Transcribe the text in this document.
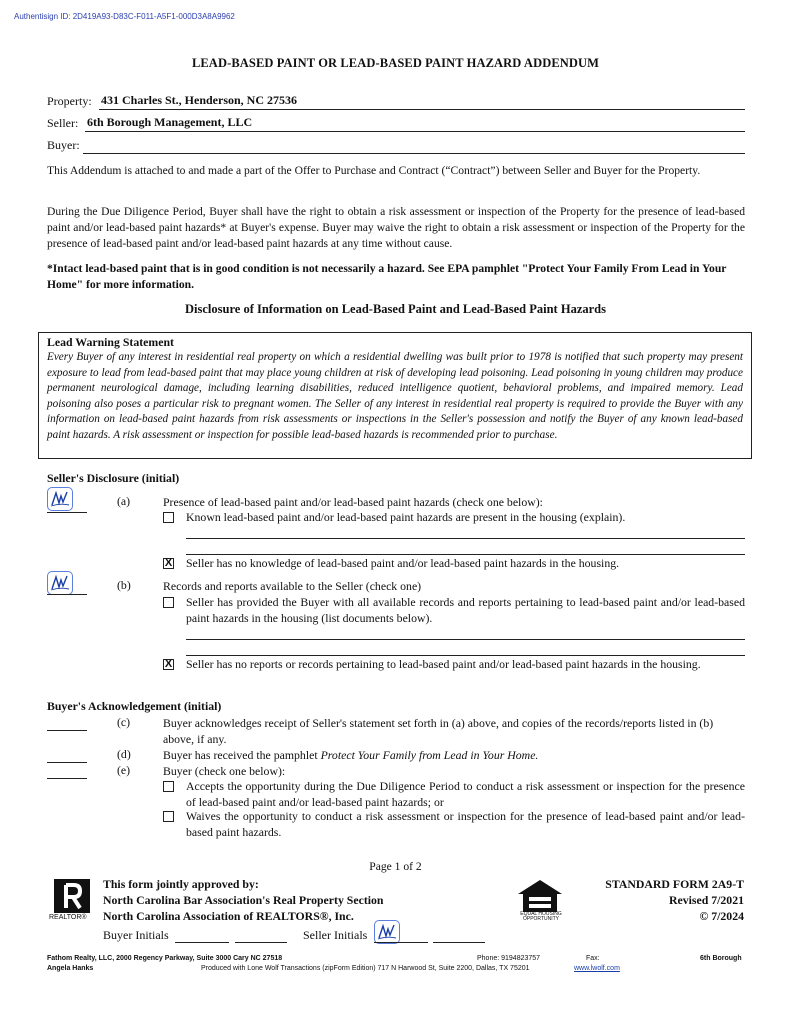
Authentisign ID: 2D419A93-D83C-F011-A5F1-000D3A8A9962
LEAD-BASED PAINT OR LEAD-BASED PAINT HAZARD ADDENDUM
Property: 431 Charles St., Henderson, NC 27536
Seller: 6th Borough Management, LLC
Buyer:
This Addendum is attached to and made a part of the Offer to Purchase and Contract (“Contract”) between Seller and Buyer for the Property.
During the Due Diligence Period, Buyer shall have the right to obtain a risk assessment or inspection of the Property for the presence of lead-based paint and/or lead-based paint hazards* at Buyer's expense. Buyer may waive the right to obtain a risk assessment or inspection of the Property for the presence of lead-based paint and/or lead-based paint hazards at any time without cause.
*Intact lead-based paint that is in good condition is not necessarily a hazard. See EPA pamphlet "Protect Your Family From Lead in Your Home" for more information.
Disclosure of Information on Lead-Based Paint and Lead-Based Paint Hazards
Lead Warning Statement
Every Buyer of any interest in residential real property on which a residential dwelling was built prior to 1978 is notified that such property may present exposure to lead from lead-based paint that may place young children at risk of developing lead poisoning. Lead poisoning in young children may produce permanent neurological damage, including learning disabilities, reduced intelligence quotient, behavioral problems, and impaired memory. Lead poisoning also poses a particular risk to pregnant women. The Seller of any interest in residential real property is required to provide the Buyer with any information on lead-based paint hazards from risk assessments or inspections in the Seller's possession and notify the Buyer of any known lead-based paint hazards. A risk assessment or inspection for possible lead-based hazards is recommended prior to purchase.
Seller's Disclosure (initial)
(a)	Presence of lead-based paint and/or lead-based paint hazards (check one below):
Known lead-based paint and/or lead-based paint hazards are present in the housing (explain).
X Seller has no knowledge of lead-based paint and/or lead-based paint hazards in the housing.
(b)	Records and reports available to the Seller (check one)
Seller has provided the Buyer with all available records and reports pertaining to lead-based paint and/or lead-based paint hazards in the housing (list documents below).
X Seller has no reports or records pertaining to lead-based paint and/or lead-based paint hazards in the housing.
Buyer's Acknowledgement (initial)
(c)	Buyer acknowledges receipt of Seller's statement set forth in (a) above, and copies of the records/reports listed in (b) above, if any.
(d)	Buyer has received the pamphlet Protect Your Family from Lead in Your Home.
(e)	Buyer (check one below):
Accepts the opportunity during the Due Diligence Period to conduct a risk assessment or inspection for the presence of lead-based paint and/or lead-based paint hazards; or
Waives the opportunity to conduct a risk assessment or inspection for the presence of lead-based paint and/or lead-based paint hazards.
Page 1 of 2
REALTOR®
This form jointly approved by:
North Carolina Bar Association's Real Property Section
North Carolina Association of REALTORS®, Inc.	EQUAL HOUSING OPPORTUNITY
STANDARD FORM 2A9-T
Revised 7/2021
© 7/2024
Buyer Initials	Seller Initials
Fathom Realty, LLC, 2000 Regency Parkway, Suite 3000 Cary NC 27518	Phone: 9194823757	Fax:	6th Borough
Angela Hanks	Produced with Lone Wolf Transactions (zipForm Edition) 717 N Harwood St, Suite 2200, Dallas, TX 75201	www.lwolf.com
